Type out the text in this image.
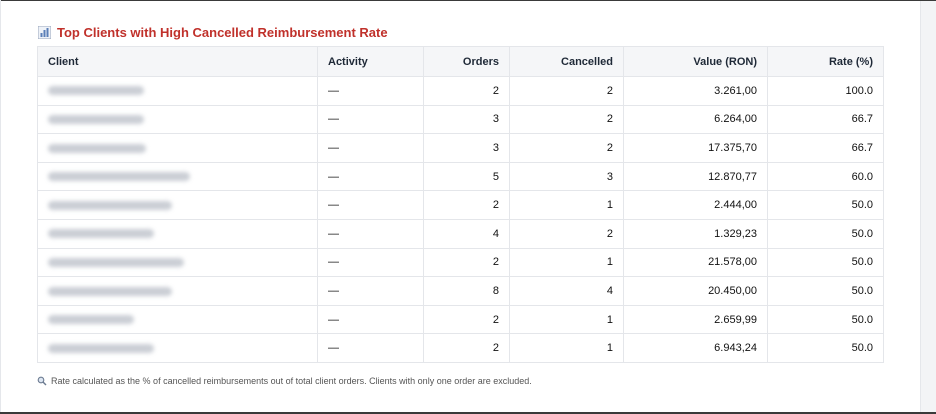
Top Clients with High Cancelled Reimbursement Rate
Client	Activity	Orders	Cancelled	Value (RON)	Rate (%)
	—	2	2	3.261,00	100.0
	—	3	2	6.264,00	66.7
	—	3	2	17.375,70	66.7
	—	5	3	12.870,77	60.0
	—	2	1	2.444,00	50.0
	—	4	2	1.329,23	50.0
	—	2	1	21.578,00	50.0
	—	8	4	20.450,00	50.0
	—	2	1	2.659,99	50.0
	—	2	1	6.943,24	50.0
Rate calculated as the % of cancelled reimbursements out of total client orders. Clients with only one order are excluded.
